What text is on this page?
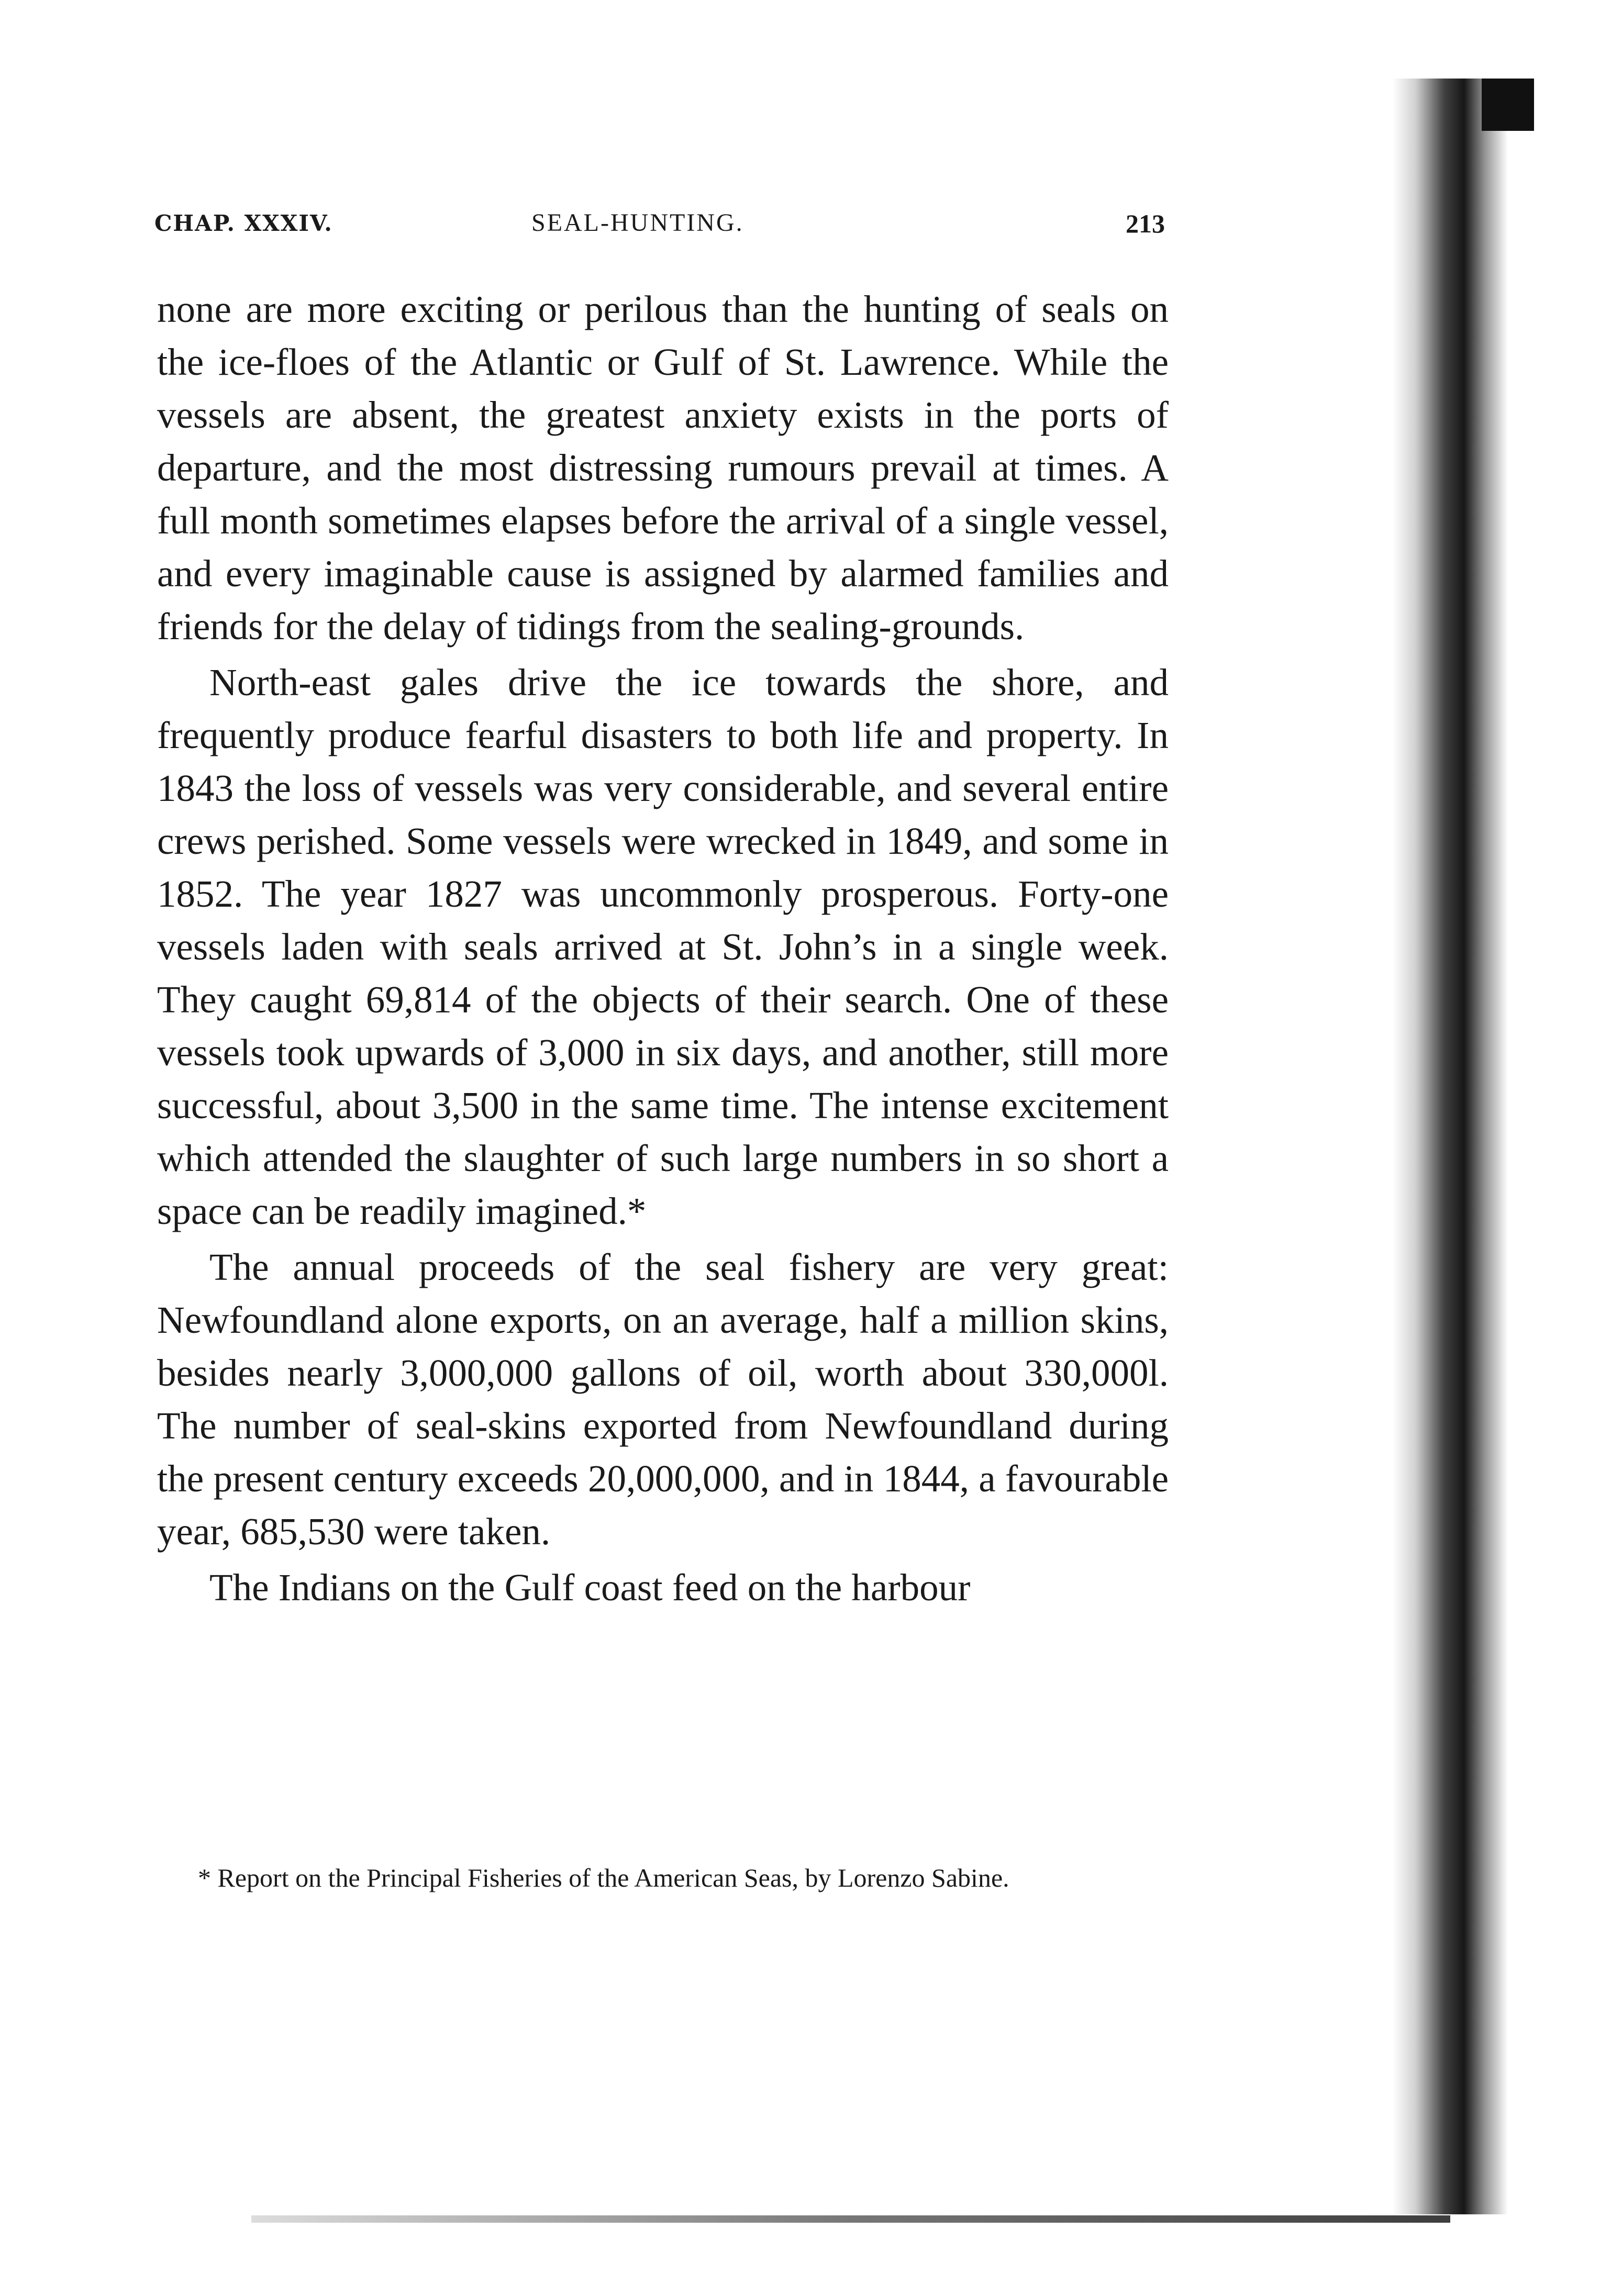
CHAP. XXXIV.	SEAL-HUNTING.	213

none are more exciting or perilous than the hunting of seals on the ice-floes of the Atlantic or Gulf of St. Lawrence. While the vessels are absent, the greatest anxiety exists in the ports of departure, and the most distressing rumours prevail at times. A full month sometimes elapses before the arrival of a single vessel, and every imaginable cause is assigned by alarmed families and friends for the delay of tidings from the sealing-grounds.

North-east gales drive the ice towards the shore, and frequently produce fearful disasters to both life and property. In 1843 the loss of vessels was very considerable, and several entire crews perished. Some vessels were wrecked in 1849, and some in 1852. The year 1827 was uncommonly prosperous. Forty-one vessels laden with seals arrived at St. John’s in a single week. They caught 69,814 of the objects of their search. One of these vessels took upwards of 3,000 in six days, and another, still more successful, about 3,500 in the same time. The intense excitement which attended the slaughter of such large numbers in so short a space can be readily imagined.*

The annual proceeds of the seal fishery are very great: Newfoundland alone exports, on an average, half a million skins, besides nearly 3,000,000 gallons of oil, worth about 330,000l. The number of seal-skins exported from Newfoundland during the present century exceeds 20,000,000, and in 1844, a favourable year, 685,530 were taken.

The Indians on the Gulf coast feed on the harbour

* Report on the Principal Fisheries of the American Seas, by Lorenzo Sabine.
